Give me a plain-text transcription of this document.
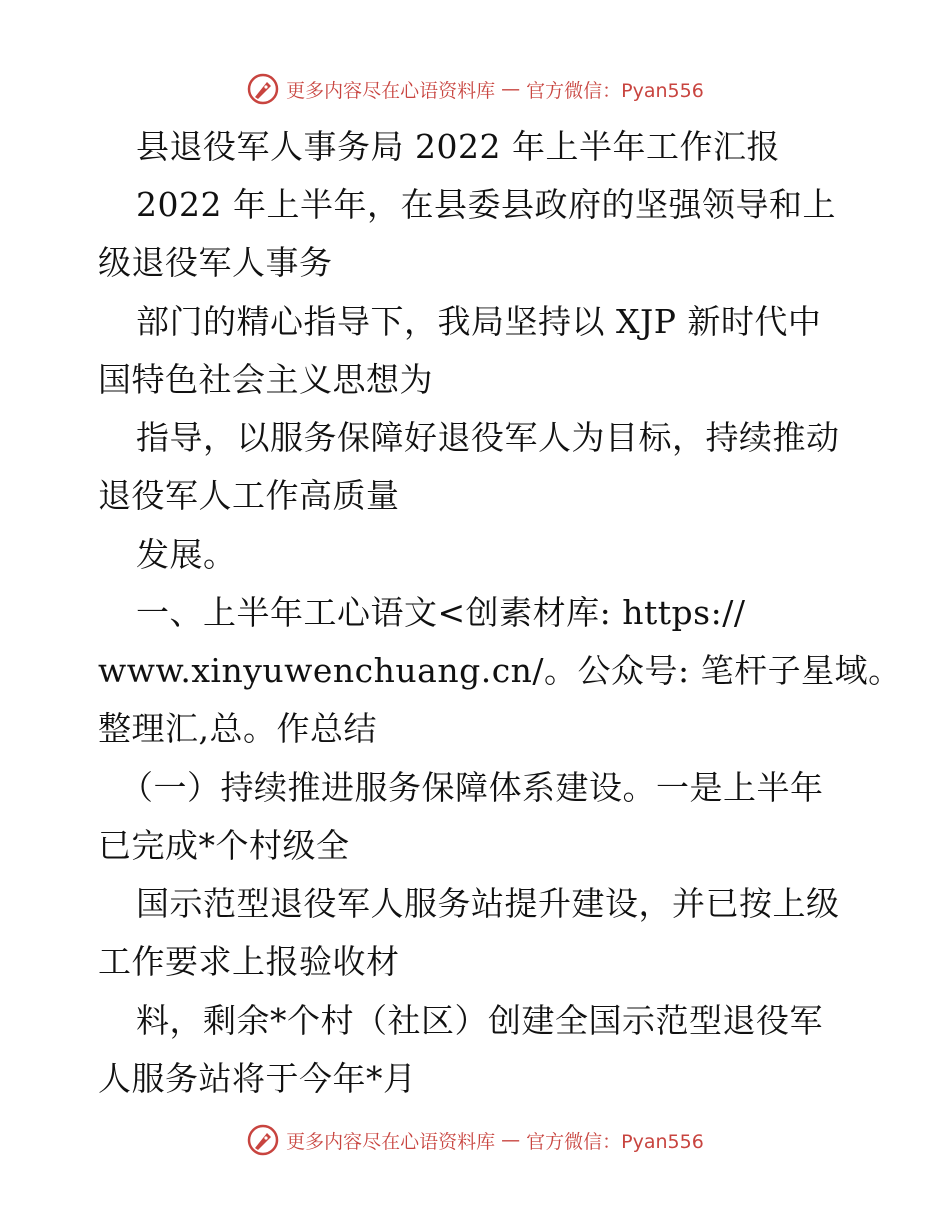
更多内容尽在心语资料库 — 官方微信：Pyan556
县退役军人事务局 2022 年上半年工作汇报
2022 年上半年，在县委县政府的坚强领导和上
级退役军人事务
部门的精心指导下，我局坚持以 XJP 新时代中
国特色社会主义思想为
指导，以服务保障好退役军人为目标，持续推动
退役军人工作高质量
发展。
一、上半年工心语文<创素材库: https://
www.xinyuwenchuang.cn/。公众号: 笔杆子星域。
整理汇,总。作总结
（一）持续推进服务保障体系建设。一是上半年
已完成*个村级全
国示范型退役军人服务站提升建设，并已按上级
工作要求上报验收材
料，剩余*个村（社区）创建全国示范型退役军
人服务站将于今年*月
更多内容尽在心语资料库 — 官方微信：Pyan556
